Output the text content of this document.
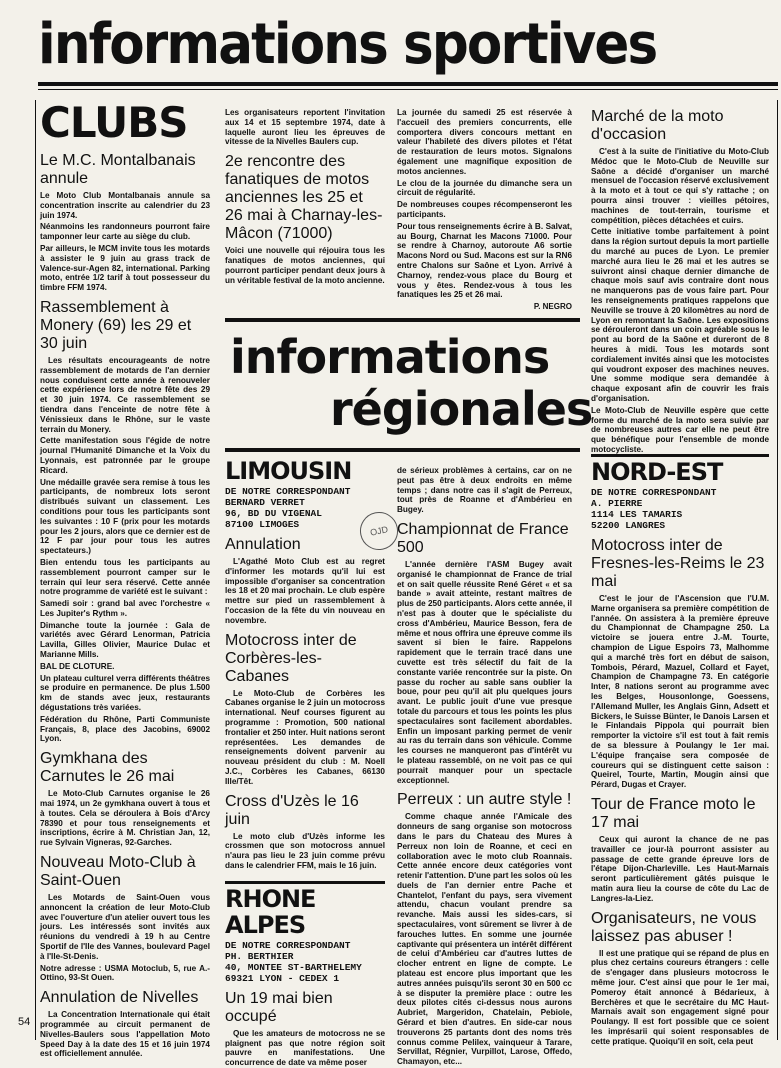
informations sportives
CLUBS
Le M.C. Montalbanais annule

Le Moto Club Montalbanais annule sa concentration inscrite au calendrier du 23 juin 1974.

Néanmoins les randonneurs pourront faire tamponner leur carte au siège du club.

Par ailleurs, le MCM invite tous les motards à assister le 9 juin au grass track de Valence-sur-Agen 82, international. Parking moto, entrée 1/2 tarif à tout possesseur du timbre FFM 1974.

Rassemblement à Monery (69) les 29 et 30 juin

Les résultats encourageants de notre rassemblement de motards de l'an dernier nous conduisent cette année à renouveler cette expérience lors de notre fête des 29 et 30 juin 1974. Ce rassemblement se tiendra dans l'enceinte de notre fête à Vénissieux dans le Rhône, sur le vaste terrain du Monery.

Cette manifestation sous l'égide de notre journal l'Humanité Dimanche et la Voix du Lyonnais, est patronnée par le groupe Ricard.

Une médaille gravée sera remise à tous les participants, de nombreux lots seront distribués suivant un classement. Les conditions pour tous les participants sont les suivantes : 10 F (prix pour les motards pour les 2 jours, alors que ce dernier est de 12 F par jour pour tous les autres spectateurs.)

Bien entendu tous les participants au rassemblement pourront camper sur le terrain qui leur sera réservé. Cette année notre programme de variété est le suivant :

Samedi soir : grand bal avec l'orchestre « Les Jupiter's Rythm ».

Dimanche toute la journée : Gala de variétés avec Gérard Lenorman, Patricia Lavilla, Gilles Olivier, Maurice Dulac et Marianne Mills.

BAL DE CLOTURE.

Un plateau culturel verra différents théâtres se produire en permanence. De plus 1.500 km de stands avec jeux, restaurants dégustations très variées.

Fédération du Rhône, Parti Communiste Français, 8, place des Jacobins, 69002 Lyon.

Gymkhana des Carnutes le 26 mai

Le Moto-Club Carnutes organise le 26 mai 1974, un 2e gymkhana ouvert à tous et à toutes. Cela se déroulera à Bois d'Arcy 78390 et pour tous renseignements et inscriptions, écrire à M. Christian Jan, 12, rue Sylvain Vigneras, 92-Garches.

Nouveau Moto-Club à Saint-Ouen

Les Motards de Saint-Ouen vous annoncent la création de leur Moto-Club avec l'ouverture d'un atelier ouvert tous les jours. Les intéressés sont invités aux réunions du vendredi à 19 h au Centre Sportif de l'Ile des Vannes, boulevard Pagel à l'Ile-St-Denis.

Notre adresse : USMA Motoclub, 5, rue A.-Ottino, 93-St Ouen.

Annulation de Nivelles

La Concentration Internationale qui était programmée au circuit permanent de Nivelles-Baulers sous l'appellation Moto Speed Day à la date des 15 et 16 juin 1974 est officiellement annulée.

Les organisateurs reportent l'invitation aux 14 et 15 septembre 1974, date à laquelle auront lieu les épreuves de vitesse de la Nivelles Baulers cup.

2e rencontre des fanatiques de motos anciennes les 25 et 26 mai à Charnay-les-Mâcon (71000)

Voici une nouvelle qui réjouira tous les fanatiques de motos anciennes, qui pourront participer pendant deux jours à un véritable festival de la moto ancienne.

La journée du samedi 25 est réservée à l'accueil des premiers concurrents, elle comportera divers concours mettant en valeur l'habileté des divers pilotes et l'état de restauration de leurs motos. Signalons également une magnifique exposition de motos anciennes.

Le clou de la journée du dimanche sera un circuit de régularité.

De nombreuses coupes récompenseront les participants.

Pour tous renseignements écrire à B. Salvat, au Bourg, Charnat les Macons 71000. Pour se rendre à Charnoy, autoroute A6 sortie Macons Nord ou Sud. Macons est sur la RN6 entre Chalons sur Saône et Lyon. Arrivé à Charnoy, rendez-vous place du Bourg et vous y êtes. Rendez-vous à tous les fanatiques les 25 et 26 mai.

P. NEGRO
Marché de la moto d'occasion

C'est à la suite de l'initiative du Moto-Club Médoc que le Moto-Club de Neuville sur Saône a décidé d'organiser un marché mensuel de l'occasion réservé exclusivement à la moto et à tout ce qui s'y rattache ; on pourra ainsi trouver : vieilles pétoires, machines de tout-terrain, tourisme et compétition, pièces détachées et cuirs.

Cette initiative tombe parfaitement à point dans la région surtout depuis la mort partielle du marché au puces de Lyon. Le premier marché aura lieu le 26 mai et les autres se suivront ainsi chaque dernier dimanche de chaque mois sauf avis contraire dont nous ne manquerons pas de vous faire part. Pour les renseignements pratiques rappelons que Neuville se trouve à 20 kilomètres au nord de Lyon en remontant la Saône. Les expositions se dérouleront dans un coin agréable sous le pont au bord de la Saône et dureront de 8 heures à midi. Tous les motards sont cordialement invités ainsi que les motocistes qui voudront exposer des machines neuves. Une somme modique sera demandée à chaque exposant afin de couvrir les frais d'organisation.

Le Moto-Club de Neuville espère que cette forme du marché de la moto sera suivie par de nombreuses autres car elle ne peut être que bénéfique pour l'ensemble de monde motocycliste.

informations
régionales
LIMOUSIN
DE NOTRE CORRESPONDANT
BERNARD VERRET
96, BD DU VIGENAL
87100 LIMOGES
Annulation

L'Agathé Moto Club est au regret d'informer les motards qu'il lui est impossible d'organiser sa concentration les 18 et 20 mai prochain. Le club espère mettre sur pied un rassemblement à l'occasion de la fête du vin nouveau en novembre.

Motocross inter de Corbères-les-Cabanes

Le Moto-Club de Corbères les Cabanes organise le 2 juin un motocross international. Neuf courses figurent au programme : Promotion, 500 national frontalier et 250 inter. Huit nations seront représentées. Les demandes de renseignements doivent parvenir au nouveau président du club : M. Noell J.C., Corbères les Cabanes, 66130 Ille/Têt.

Cross d'Uzès le 16 juin

Le moto club d'Uzès informe les crossmen que son motocross annuel n'aura pas lieu le 23 juin comme prévu dans le calendrier FFM, mais le 16 juin.

RHONE
ALPES
DE NOTRE CORRESPONDANT
PH. BERTHIER
40, MONTEE ST-BARTHELEMY
69321 LYON - CEDEX 1
Un 19 mai bien occupé

Que les amateurs de motocross ne se plaignent pas que notre région soit pauvre en manifestations. Une concurrence de date va même poser

de sérieux problèmes à certains, car on ne peut pas être à deux endroits en même temps ; dans notre cas il s'agit de Perreux, tout près de Roanne et d'Ambérieu en Bugey.

Championnat de France 500

L'année dernière l'ASM Bugey avait organisé le championnat de France de trial et on sait quelle réussite René Géret « et sa bande » avait atteinte, restant maîtres de plus de 250 participants. Alors cette année, il n'est pas à douter que le spécialiste du cross d'Ambérieu, Maurice Besson, fera de même et nous offrira une épreuve comme ils savent si bien le faire. Rappelons rapidement que le terrain tracé dans une cuvette est très sélectif du fait de la constante variée rencontrée sur la piste. On passe du rocher au sable sans oublier la boue, pour peu qu'il ait plu quelques jours avant. Le public jouit d'une vue presque totale du parcours et tous les points les plus spectaculaires sont facilement abordables. Enfin un imposant parking permet de venir au ras du terrain dans son véhicule. Comme les courses ne manqueront pas d'intérêt vu le plateau rassemblé, on ne voit pas ce qui pourrait manquer pour un spectacle exceptionnel.

Perreux : un autre style !

Comme chaque année l'Amicale des donneurs de sang organise son motocross dans le pars du Chateau des Mures à Perreux non loin de Roanne, et ceci en collaboration avec le moto club Roannais. Cette année encore deux catégories vont retenir l'attention. D'une part les solos où les duels de l'an dernier entre Pache et Chantelot, l'enfant du pays, sera vivement attendu, chacun voulant prendre sa revanche. Mais aussi les sides-cars, si spectaculaires, vont sûrement se livrer à de farouches luttes. En somme une journée captivante qui présentera un intérêt différent de celui d'Ambérieu car d'autres luttes de clocher entrent en ligne de compte. Le plateau est encore plus important que les autres années puisqu'ils seront 30 en 500 cc à se disputer la première place : outre les deux pilotes cités ci-dessus nous aurons Aubriet, Margeridon, Chatelain, Pebiole, Gérard et bien d'autres. En side-car nous trouverons 25 partants dont des noms très connus comme Pelilex, vainqueur à Tarare, Servillat, Régnier, Vurpillot, Larose, Offedo, Chamayon, etc...

OJD
NORD-EST
DE NOTRE CORRESPONDANT
A. PIERRE
1114 LES TAMARIS
52200 LANGRES
Motocross inter de Fresnes-les-Reims le 23 mai

C'est le jour de l'Ascension que l'U.M. Marne organisera sa première compétition de l'année. On assistera à la première épreuve du Championnat de Champagne 250. La victoire se jouera entre J.-M. Tourte, champion de Ligue Espoirs 73, Malhomme qui a marché très fort en début de saison, Tombois, Pérard, Mazuel, Collard et Fayet, Champion de Champagne 73. En catégorie Inter, 8 nations seront au programme avec les Belges, Housonlonge, Goessens, l'Allemand Muller, les Anglais Ginn, Adsett et Bickers, le Suisse Bünter, le Danois Larsen et le Finlandais Pippola qui pourrait bien remporter la victoire s'il est tout à fait remis de sa blessure à Poulangy le 1er mai. L'équipe française sera composée de coureurs qui se distinguent cette saison : Queirel, Tourte, Martin, Mougin ainsi que Pérard, Dugas et Crayer.

Tour de France moto le 17 mai

Ceux qui auront la chance de ne pas travailler ce jour-là pourront assister au passage de cette grande épreuve lors de l'étape Dijon-Charleville. Les Haut-Marnais seront particulièrement gâtés puisque le matin aura lieu la course de côte du Lac de Langres-la-Liez.

Organisateurs, ne vous laissez pas abuser !

Il est une pratique qui se répand de plus en plus chez certains coureurs étrangers : celle de s'engager dans plusieurs motocross le même jour. C'est ainsi que pour le 1er mai, Pomeroy était annoncé à Bédarieux, à Berchères et que le secrétaire du MC Haut-Marnais avait son engagement signé pour Poulangy. Il est fort possible que ce soient les imprésarii qui soient responsables de cette pratique. Quoiqu'il en soit, cela peut

54
